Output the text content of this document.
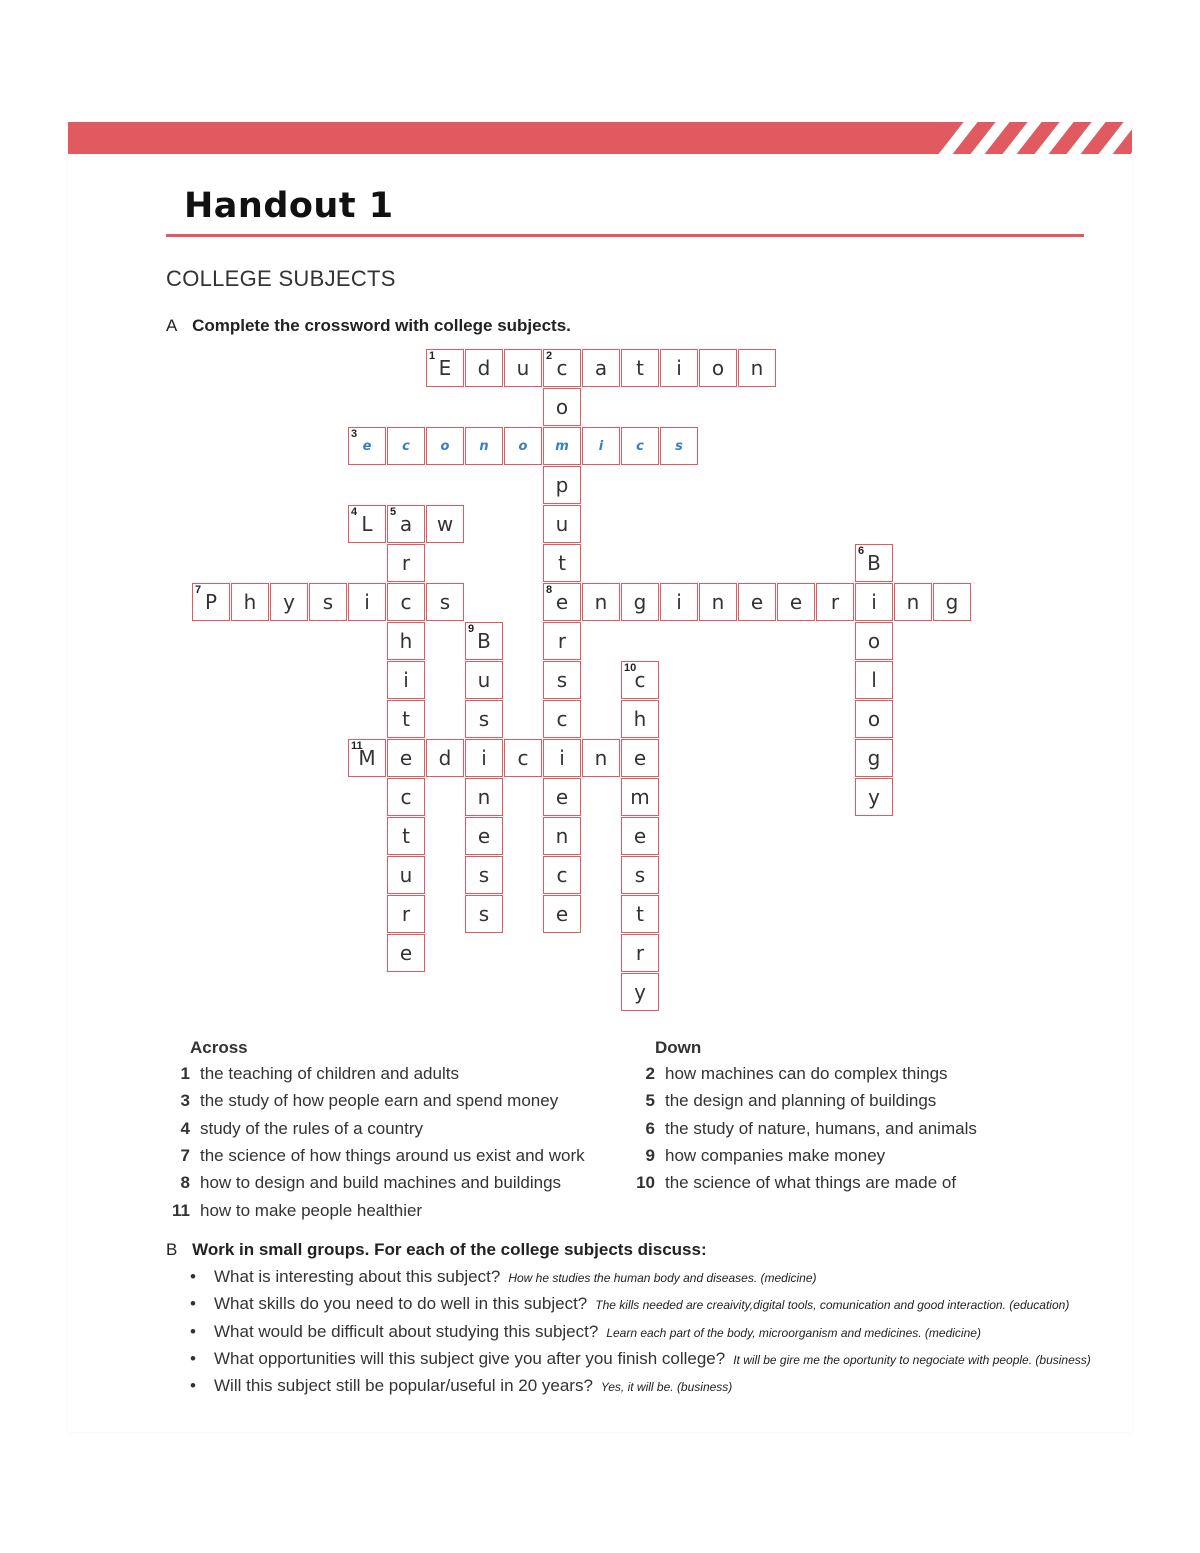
Handout 1
COLLEGE SUBJECTS
A Complete the crossword with college subjects.
1 E d u 2 c a t i o n
o
m
p
u
t
8 e
r
s
c
i
e
n
c
e
3
e c o n o	i	c s
4 L 5 a w
r
c
h
i
t
e
c
t
u
r
e
6 B
i
o
l
o
g
y
7 P h y s i	s	n g i n e e r	n g
9 B
u
s
i
n
e
s
s
10
c
h
e
m
e
s
t
r
y
11
M	d	c	n
Across	Down
1 the teaching of children and adults
3 the study of how people earn and spend money
4 study of the rules of a country
7 the science of how things around us exist and work
8 how to design and build machines and buildings
11 how to make people healthier
2 how machines can do complex things
5 the design and planning of buildings
6 the study of nature, humans, and animals
9 how companies make money
10 the science of what things are made of
B Work in small groups. For each of the college subjects discuss:
• What is interesting about this subject? How he studies the human body and diseases. (medicine)
• What skills do you need to do well in this subject? The kills needed are creaivity,digital tools, comunication and good interaction. (education)
• What would be difficult about studying this subject? Learn each part of the body, microorganism and medicines. (medicine)
• What opportunities will this subject give you after you finish college? It will be gire me the oportunity to negociate with people. (business)
• Will this subject still be popular/useful in 20 years? Yes, it will be. (business)
